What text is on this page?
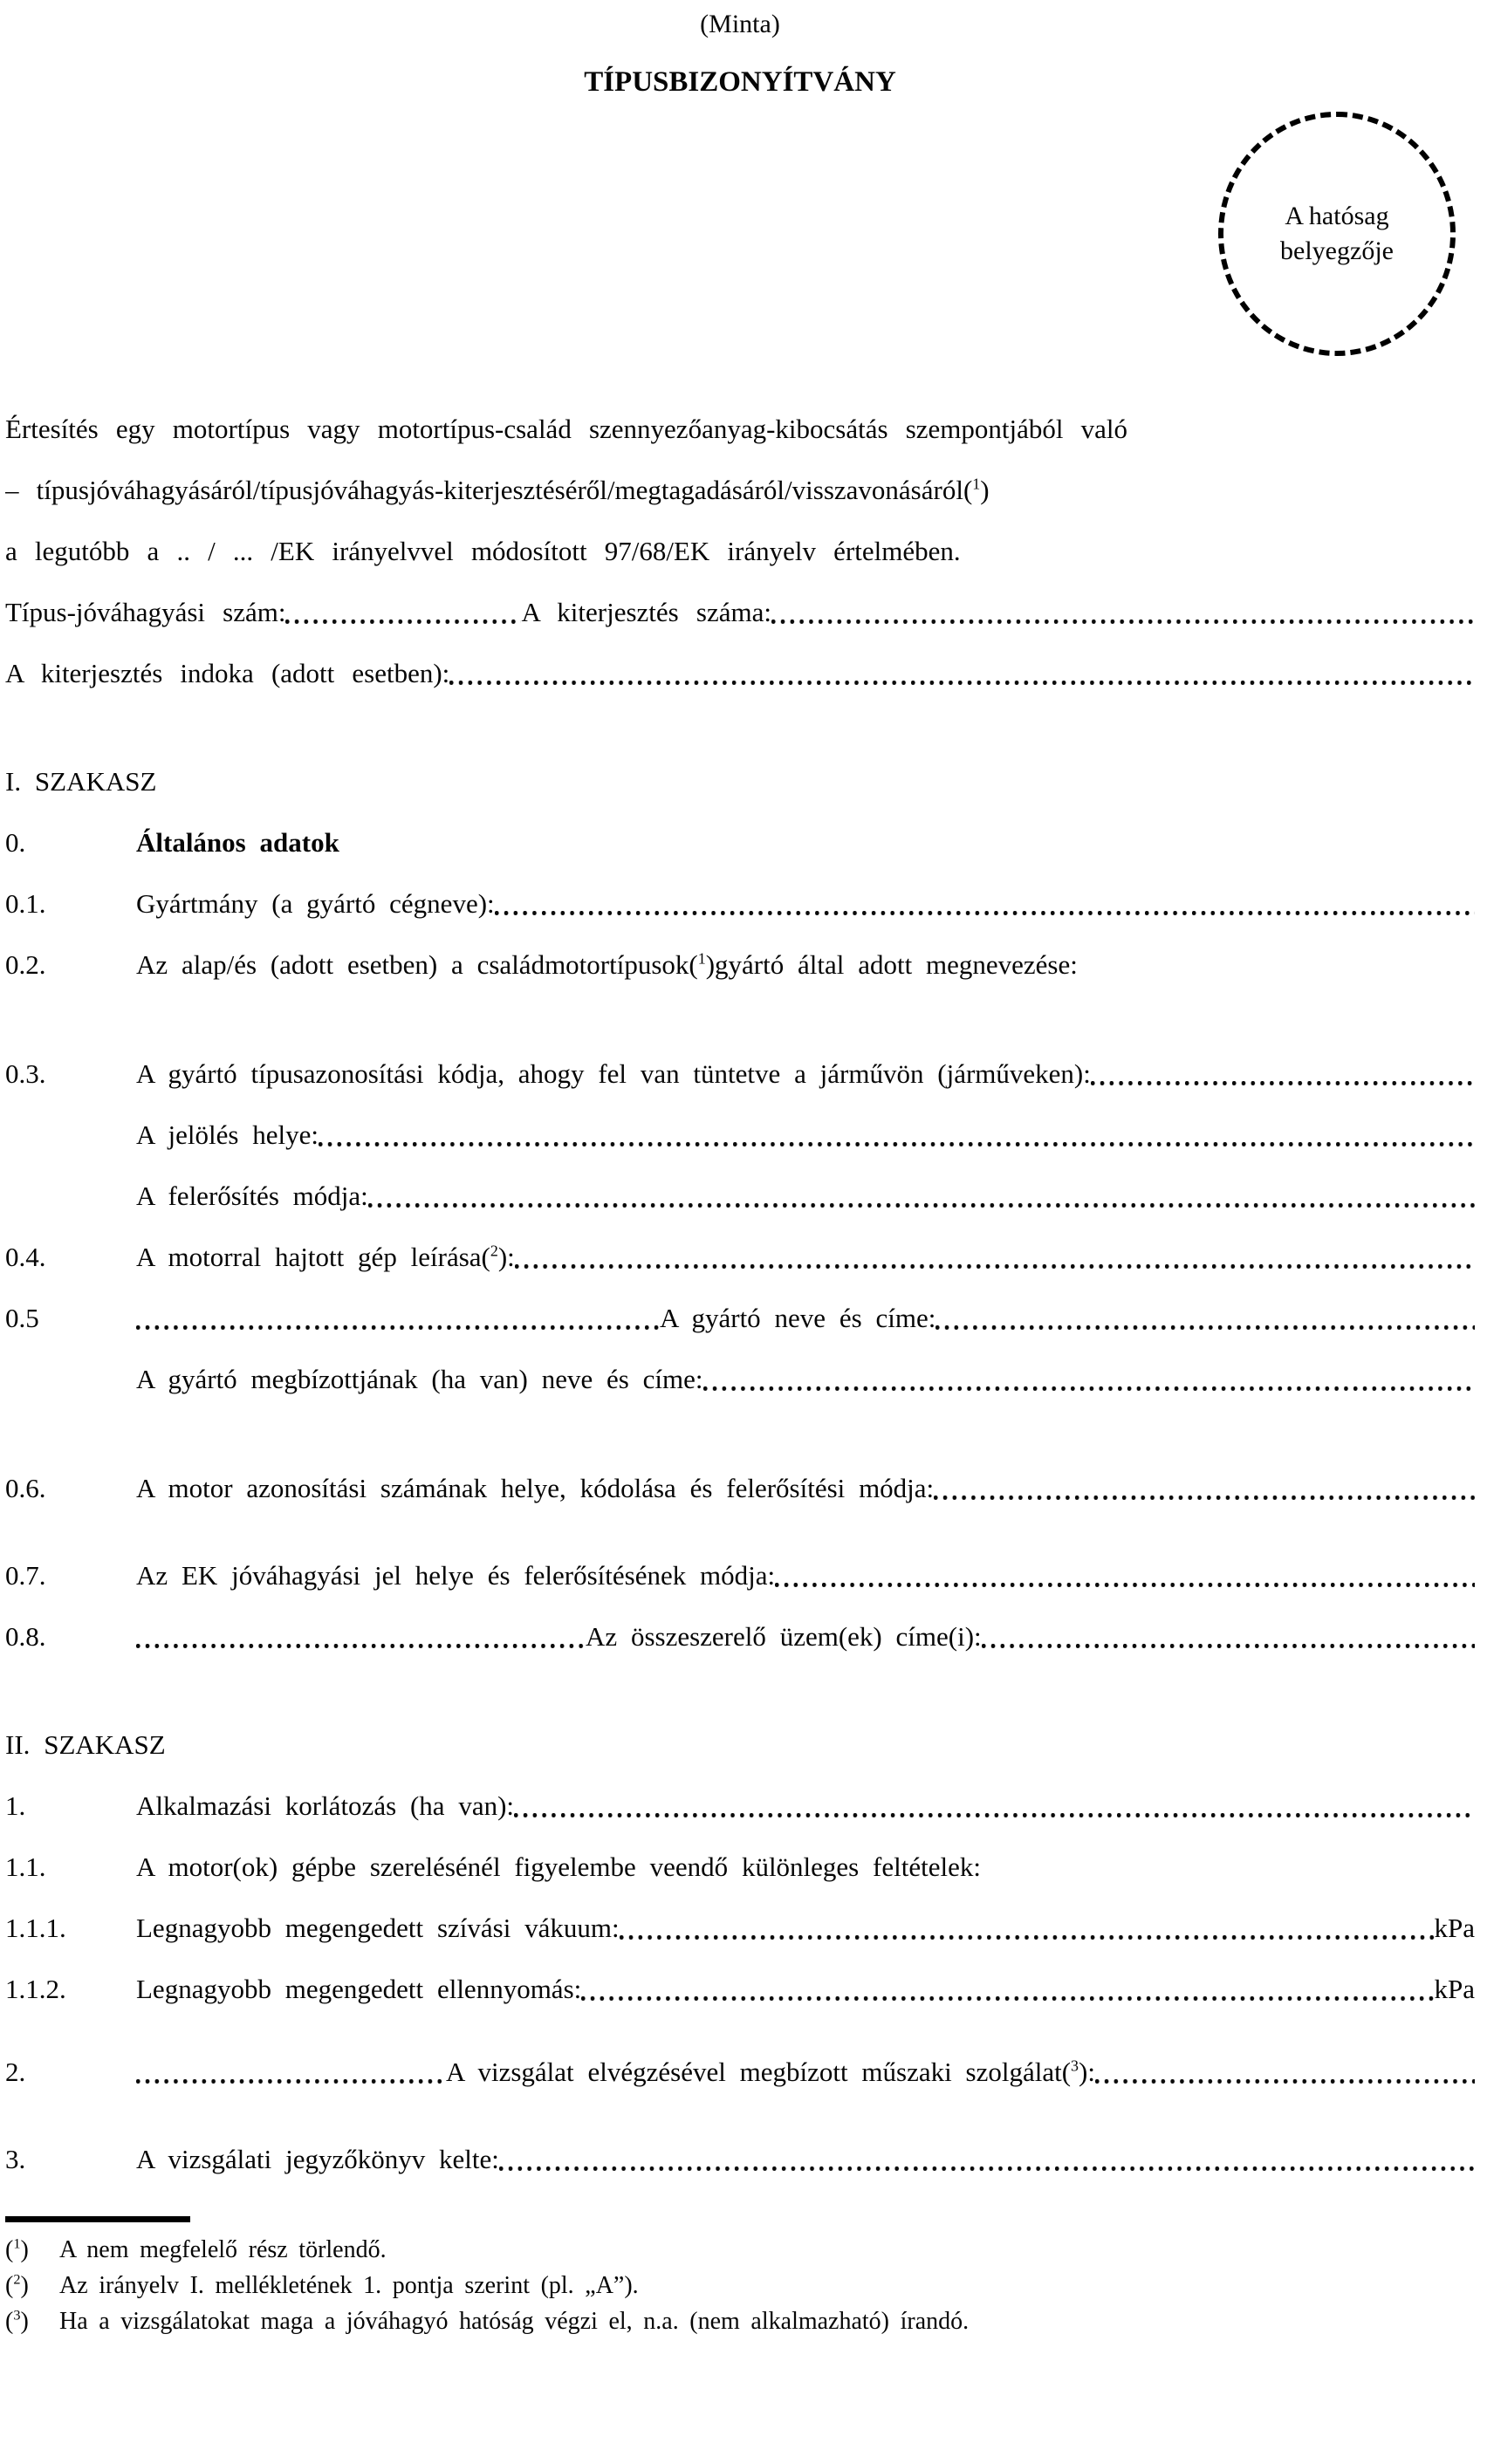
(Minta)
TÍPUSBIZONYÍTVÁNY
A hatósag
belyegzője
Értesítés egy motortípus vagy motortípus-család szennyezőanyag-kibocsátás szempontjából való
– típusjóváhagyásáról/típusjóváhagyás-kiterjesztéséről/megtagadásáról/visszavonásáról ($^1$)
a legutóbb a .. / ... /EK irányelvvel módosított 97/68/EK irányelv értelmében.
Típus-jóváhagyási szám:	A kiterjesztés száma:
A kiterjesztés indoka (adott esetben):
I. SZAKASZ
0.	Általános adatok
0.1.	Gyártmány (a gyártó cégneve):
0.2.	Az alap/és (adott esetben) a családmotortípusok ($^1$) gyártó által adott megnevezése:
0.3.	A gyártó típusazonosítási kódja, ahogy fel van tüntetve a járművön (járműveken):
A jelölés helye:
A felerősítés módja:
0.4.	A motorral hajtott gép leírása ($^2$) :
0.5	A gyártó neve és címe:
A gyártó megbízottjának (ha van) neve és címe:
0.6.	A motor azonosítási számának helye, kódolása és felerősítési módja:
0.7.	Az EK jóváhagyási jel helye és felerősítésének módja:
0.8.	Az összeszerelő üzem(ek) címe(i):
II. SZAKASZ
1.	Alkalmazási korlátozás (ha van):
1.1.	A motor(ok) gépbe szerelésénél figyelembe veendő különleges feltételek:
1.1.1.	Legnagyobb megengedett szívási vákuum:	kPa
1.1.2.	Legnagyobb megengedett ellennyomás:	kPa
2.	A vizsgálat elvégzésével megbízott műszaki szolgálat ($^3$) :
3.	A vizsgálati jegyzőkönyv kelte:
($^1$)	A nem megfelelő rész törlendő.
($^2$)	Az irányelv I. mellékletének 1. pontja szerint (pl. „A”).
($^3$)	Ha a vizsgálatokat maga a jóváhagyó hatóság végzi el, n.a. (nem alkalmazható) írandó.
